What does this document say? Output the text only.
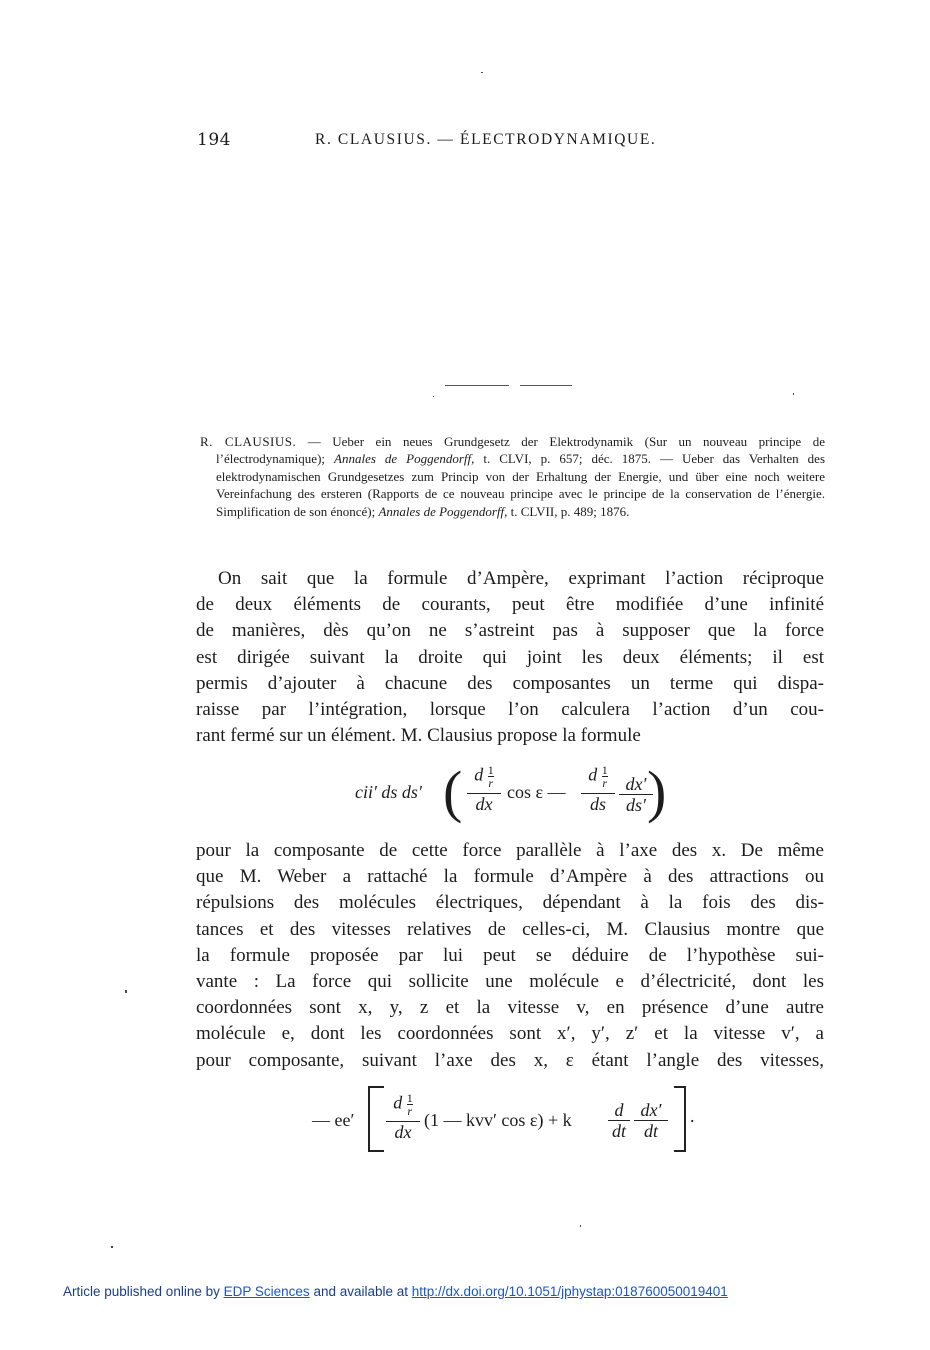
194	R. CLAUSIUS. — ÉLECTRODYNAMIQUE.

R. CLAUSIUS. — Ueber ein neues Grundgesetz der Elektrodynamik (Sur un nouveau principe de l’électrodynamique); Annales de Poggendorff, t. CLVI, p. 657; déc. 1875. — Ueber das Verhalten des elektrodynamischen Grundgesetzes zum Princip von der Erhaltung der Energie, und über eine noch weitere Vereinfachung des ersteren (Rapports de ce nouveau principe avec le principe de la conservation de l’énergie. Simplification de son énoncé); Annales de Poggendorff, t. CLVII, p. 489; 1876.

On sait que la formule d’Ampère, exprimant l’action réciproque
de deux éléments de courants, peut être modifiée d’une infinité
de manières, dès qu’on ne s’astreint pas à supposer que la force
est dirigée suivant la droite qui joint les deux éléments; il est
permis d’ajouter à chacune des composantes un terme qui dispa-
raisse par l’intégration, lorsque l’on calculera l’action d’un cou-
rant fermé sur un élément. M. Clausius propose la formule
cii′ ds ds′ ( d $\frac{1}{r}$
dx
cos ε —
d $\frac{1}{r}$
ds $\frac{dx'}{ds'}$
)
pour la composante de cette force parallèle à l’axe des x. De même
que M. Weber a rattaché la formule d’Ampère à des attractions ou
répulsions des molécules électriques, dépendant à la fois des dis-
tances et des vitesses relatives de celles-ci, M. Clausius montre que
la formule proposée par lui peut se déduire de l’hypothèse sui-
vante : La force qui sollicite une molécule e d’électricité, dont les
coordonnées sont x, y, z et la vitesse v, en présence d’une autre
molécule e, dont les coordonnées sont x′, y′, z′ et la vitesse v′, a
pour composante, suivant l’axe des x, ε étant l’angle des vitesses,
— ee′
d $\frac{1}{r}$
dx
(1 — kvv′ cos ε) + k $\frac{d}{dt} \frac{dx'}{dt}$ .
Article published online by EDP Sciences and available at http://dx.doi.org/10.1051/jphystap:018760050019401
